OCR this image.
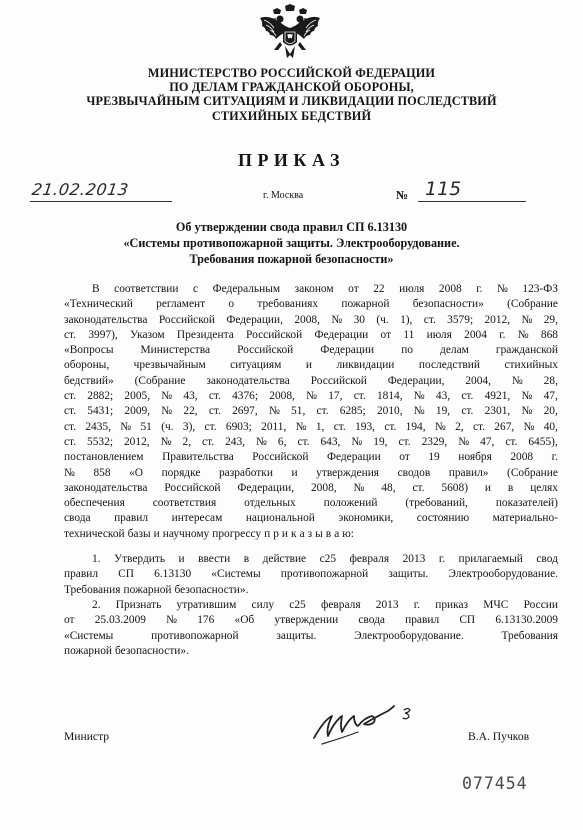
МИНИСТЕРСТВО РОССИЙСКОЙ ФЕДЕРАЦИИ
ПО ДЕЛАМ ГРАЖДАНСКОЙ ОБОРОНЫ,
ЧРЕЗВЫЧАЙНЫМ СИТУАЦИЯМ И ЛИКВИДАЦИИ ПОСЛЕДСТВИЙ
СТИХИЙНЫХ БЕДСТВИЙ
ПРИКАЗ
21.02.2013	г. Москва	№ 115
Об утверждении свода правил СП 6.13130
«Системы противопожарной защиты. Электрооборудование.
Требования пожарной безопасности»
В соответствии с Федеральным законом от 22 июля 2008 г. № 123-ФЗ
«Технический регламент о требованиях пожарной безопасности» (Собрание
законодательства Российской Федерации, 2008, № 30 (ч. 1), ст. 3579; 2012, № 29,
ст. 3997), Указом Президента Российской Федерации от 11 июля 2004 г. № 868
«Вопросы Министерства Российской Федерации по делам гражданской
обороны, чрезвычайным ситуациям и ликвидации последствий стихийных
бедствий» (Собрание законодательства Российской Федерации, 2004, № 28,
ст. 2882; 2005, № 43, ст. 4376; 2008, № 17, ст. 1814, № 43, ст. 4921, № 47,
ст. 5431; 2009, № 22, ст. 2697, № 51, ст. 6285; 2010, № 19, ст. 2301, № 20,
ст. 2435, № 51 (ч. 3), ст. 6903; 2011, № 1, ст. 193, ст. 194, № 2, ст. 267, № 40,
ст. 5532; 2012, № 2, ст. 243, № 6, ст. 643, № 19, ст. 2329, № 47, ст. 6455),
постановлением Правительства Российской Федерации от 19 ноября 2008 г.
№ 858 «О порядке разработки и утверждения сводов правил» (Собрание
законодательства Российской Федерации, 2008, № 48, ст. 5608) и в целях
обеспечения соответствия отдельных положений (требований, показателей)
свода правил интересам национальной экономики, состоянию материально-
технической базы и научному прогрессу п р и к а з ы в а ю:
1. Утвердить и ввести в действие с25 февраля 2013 г. прилагаемый свод
правил СП 6.13130 «Системы противопожарной защиты. Электрооборудование.
Требования пожарной безопасности».
2. Признать утратившим силу с25 февраля 2013 г. приказ МЧС России
от 25.03.2009 № 176 «Об утверждении свода правил СП 6.13130.2009
«Системы	противопожарной	защиты.	Электрооборудование.	Требования
пожарной безопасности».
Министр	В.А. Пучков
077454
